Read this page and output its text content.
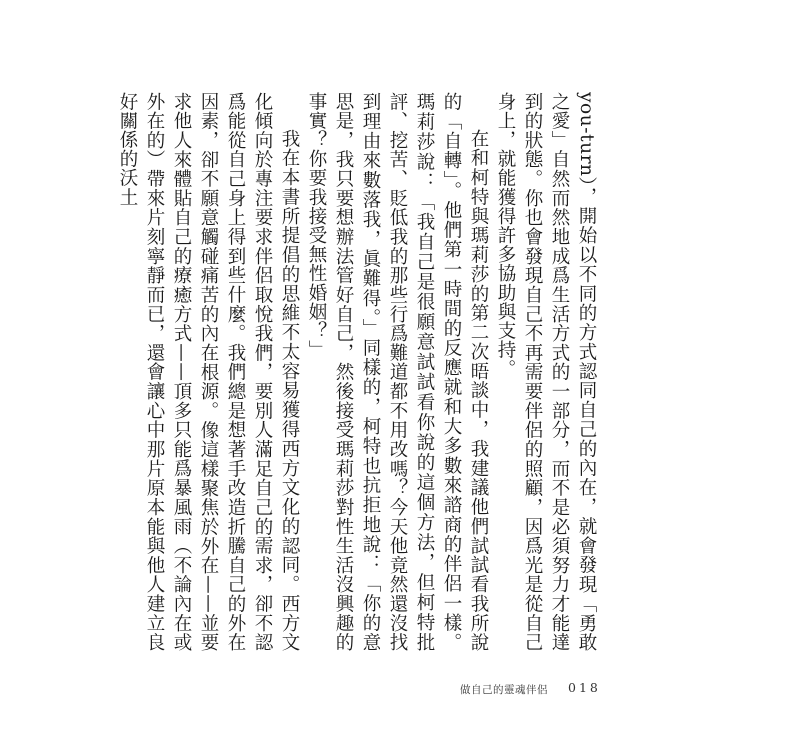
you-turn），開始以不同的方式認同自己的內在，就會發現「勇敢之愛」自然而然地成爲生活方式的一部分，而不是必須努力才能達到的狀態。你也會發現自己不再需要伴侶的照顧，因爲光是從自己身上，就能獲得許多協助與支持。

在和柯特與瑪莉莎的第二次晤談中，我建議他們試試看我所說的「自轉」。他們第一時間的反應就和大多數來諮商的伴侶一樣。瑪莉莎說：「我自己是很願意試試看你說的這個方法，但柯特批評、挖苦、貶低我的那些行爲難道都不用改嗎？今天他竟然還沒找到理由來數落我，眞難得。」同樣的，柯特也抗拒地說：「你的意思是，我只要想辦法管好自己，然後接受瑪莉莎對性生活沒興趣的事實？你要我接受無性婚姻？」

我在本書所提倡的思維不太容易獲得西方文化的認同。西方文化傾向於專注要求伴侶取悅我們，要別人滿足自己的需求，卻不認爲能從自己身上得到些什麼。我們總是想著手改造折騰自己的外在因素，卻不願意觸碰痛苦的內在根源。像這樣聚焦於外在——並要求他人來體貼自己的療癒方式——頂多只能爲暴風雨（不論內在或外在的）帶來片刻寧靜而已，還會讓心中那片原本能與他人建立良好關係的沃土

做自己的靈魂伴侶 018
